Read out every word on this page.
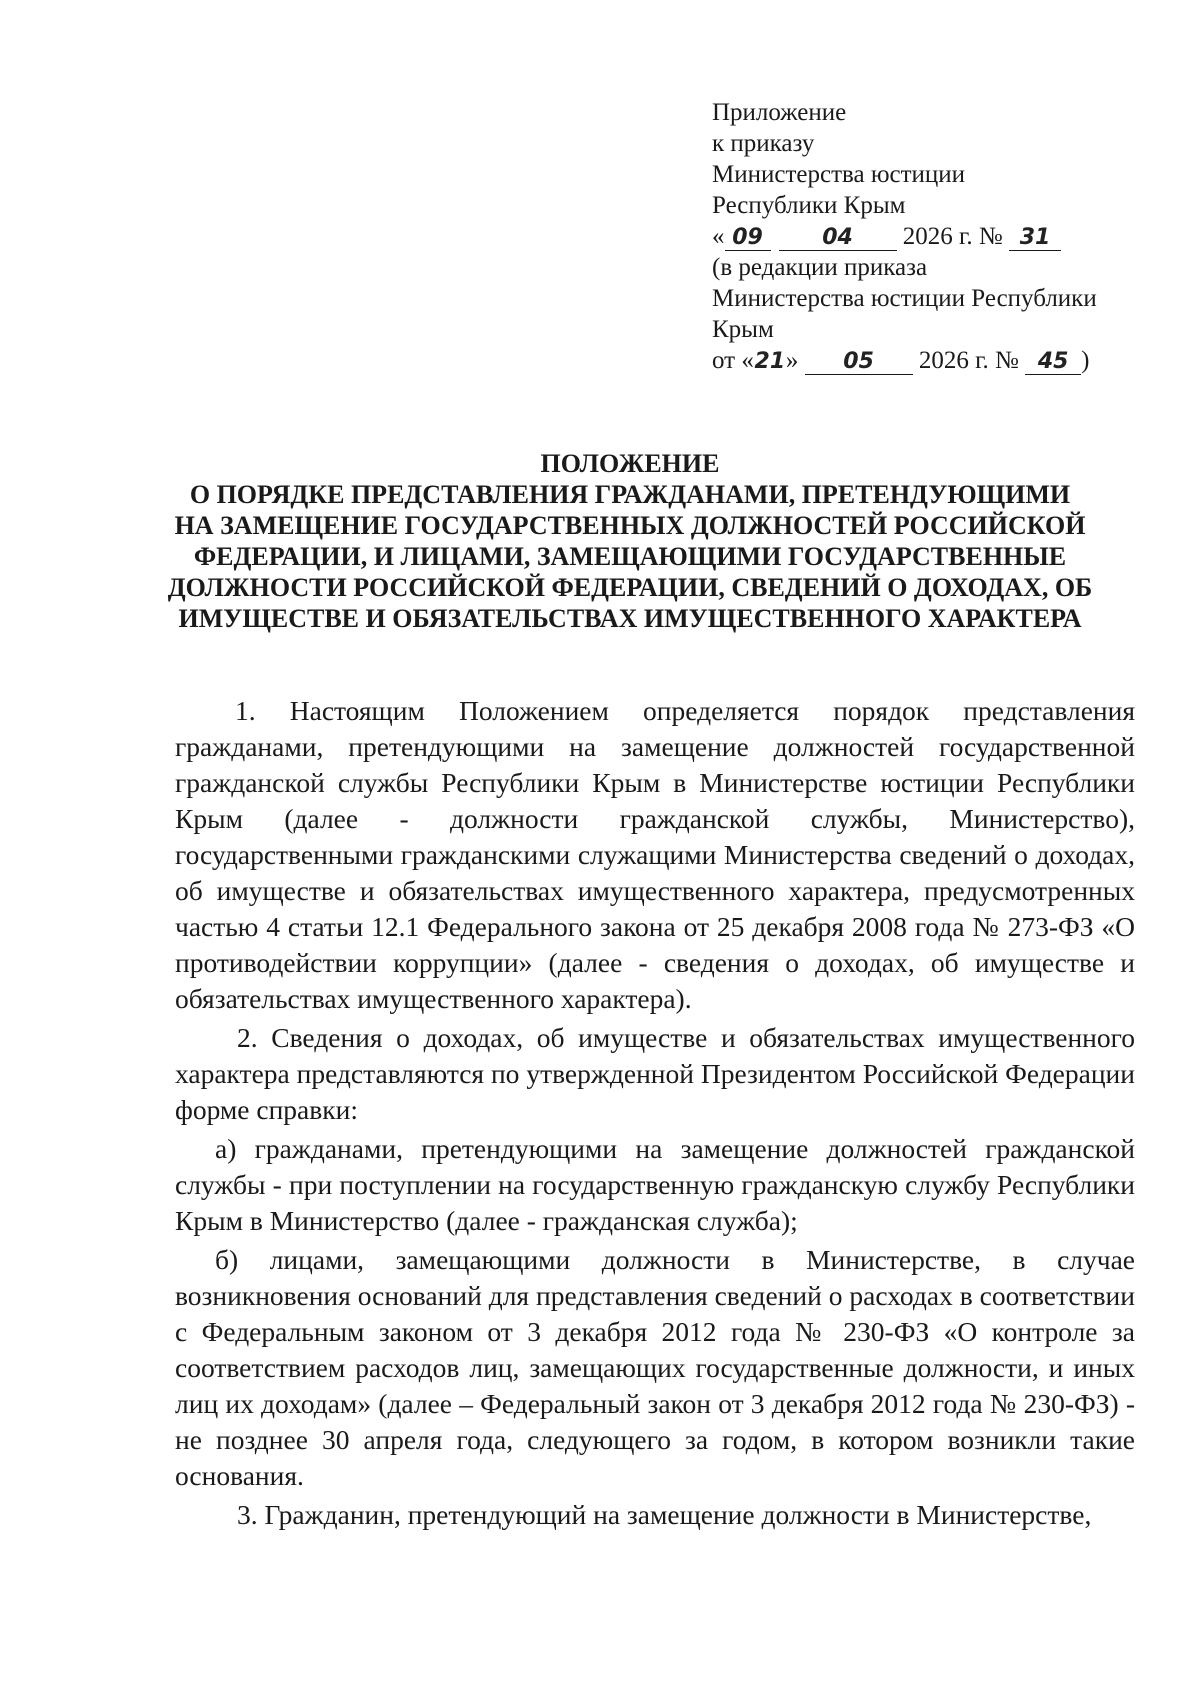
Приложение
к приказу
Министерства юстиции
Республики Крым
« 09	04 2026 г. № 31
(в редакции приказа
Министерства юстиции Республики
Крым
от «21» 05 2026 г. № 45 )
ПОЛОЖЕНИЕ
О ПОРЯДКЕ ПРЕДСТАВЛЕНИЯ ГРАЖДАНАМИ, ПРЕТЕНДУЮЩИМИ
НА ЗАМЕЩЕНИЕ ГОСУДАРСТВЕННЫХ ДОЛЖНОСТЕЙ РОССИЙСКОЙ
ФЕДЕРАЦИИ, И ЛИЦАМИ, ЗАМЕЩАЮЩИМИ ГОСУДАРСТВЕННЫЕ
ДОЛЖНОСТИ РОССИЙСКОЙ ФЕДЕРАЦИИ, СВЕДЕНИЙ О ДОХОДАХ, ОБ
ИМУЩЕСТВЕ И ОБЯЗАТЕЛЬСТВАХ ИМУЩЕСТВЕННОГО ХАРАКТЕРА

1. Настоящим Положением определяется порядок представления гражданами, претендующими на замещение должностей государственной гражданской службы Республики Крым в Министерстве юстиции Республики Крым (далее - должности гражданской службы, Министерство), государственными гражданскими служащими Министерства сведений о доходах, об имуществе и обязательствах имущественного характера, предусмотренных частью 4 статьи 12.1 Федерального закона от 25 декабря 2008 года № 273-ФЗ «О противодействии коррупции» (далее - сведения о доходах, об имуществе и обязательствах имущественного характера).

2. Сведения о доходах, об имуществе и обязательствах имущественного характера представляются по утвержденной Президентом Российской Федерации форме справки:

а) гражданами, претендующими на замещение должностей гражданской службы - при поступлении на государственную гражданскую службу Республики Крым в Министерство (далее - гражданская служба);

б) лицами, замещающими должности в Министерстве, в случае возникновения оснований для представления сведений о расходах в соответствии с Федеральным законом от 3 декабря 2012 года № 230-ФЗ «О контроле за соответствием расходов лиц, замещающих государственные должности, и иных лиц их доходам» (далее – Федеральный закон от 3 декабря 2012 года № 230-ФЗ) - не позднее 30 апреля года, следующего за годом, в котором возникли такие основания.

3. Гражданин, претендующий на замещение должности в Министерстве,
